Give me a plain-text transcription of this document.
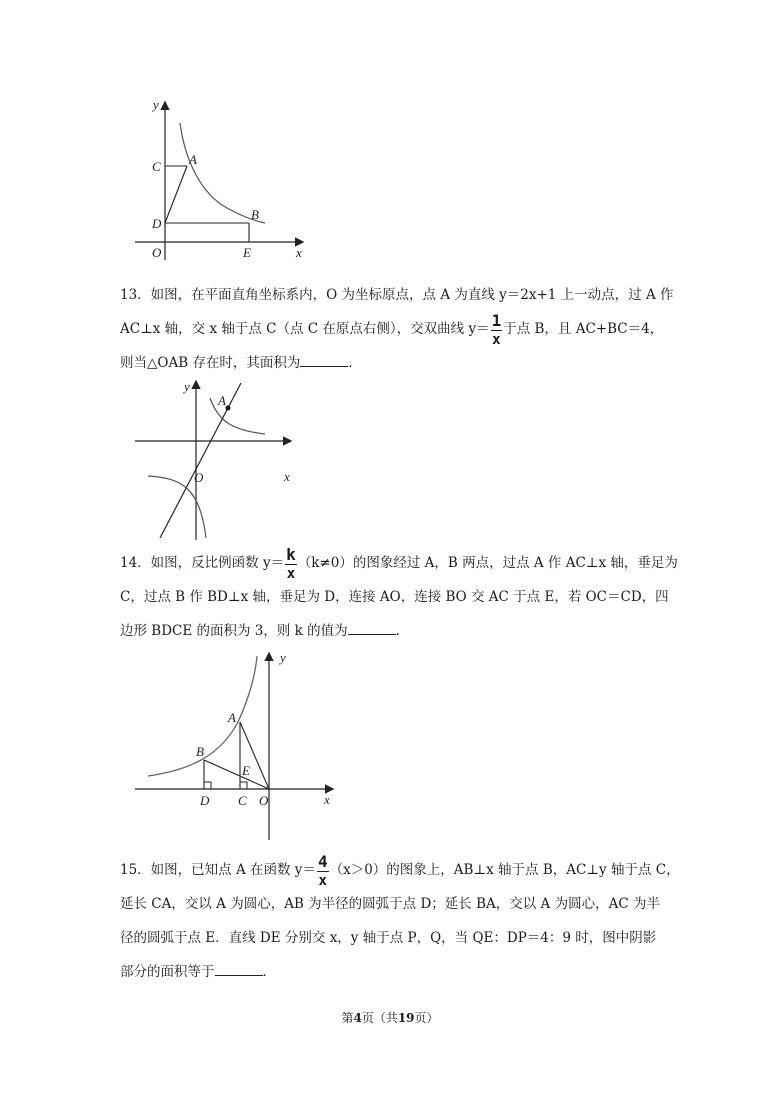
y
x
O
C A
D
B
E
13．如图，在平面直角坐标系内，O 为坐标原点，点 A 为直线 y＝2x+1 上一动点，过 A 作
AC⊥x 轴，交 x 轴于点 C（点 C 在原点右侧），交双曲线 $y= \frac{1}{x}$ 于点 B，且 AC+BC＝4，
则当△OAB 存在时，其面积为	．
y
x
O
A
14．如图，反比例函数 $y= \frac{k}{x} (k\ne 0)$的图象经过 A，B 两点，过点 A 作 AC⊥x 轴，垂足为
C，过点 B 作 BD⊥x 轴，垂足为 D，连接 AO，连接 BO 交 AC 于点 E，若 OC＝CD，四
边形 BDCE 的面积为 3，则 k 的值为	．
y
x
A
B
E
D C O
15．如图，已知点 A 在函数 $y= \frac{4}{x} (x>0)$的图象上，AB⊥x 轴于点 B，AC⊥y 轴于点 C，
延长 CA，交以 A 为圆心，AB 为半径的圆弧于点 D；延长 BA，交以 A 为圆心，AC 为半
径的圆弧于点 E．直线 DE 分别交 x，y 轴于点 P，Q，当 QE：DP＝4：9 时，图中阴影
部分的面积等于	．
第4页（共19页）
